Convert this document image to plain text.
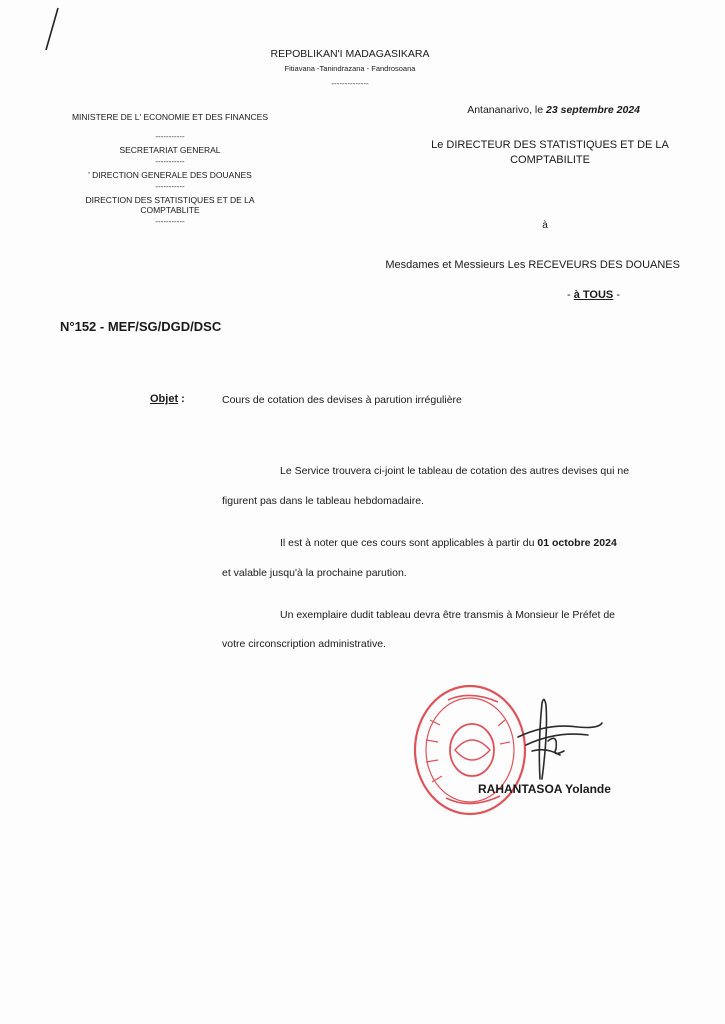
REPOBLIKAN'I MADAGASIKARA
Fitiavana -Tanindrazana - Fandrosoana
--------------
MINISTERE DE L' ECONOMIE ET DES FINANCES
-----------
SECRETARIAT GENERAL
-----------
' DIRECTION GENERALE DES DOUANES
-----------
DIRECTION DES STATISTIQUES ET DE LA
COMPTABLITE
-----------
Antananarivo, le 23 septembre 2024
Le DIRECTEUR DES STATISTIQUES ET DE LA
COMPTABILITE
à
Mesdames et Messieurs Les RECEVEURS DES DOUANES
- à TOUS -
N°152 - MEF/SG/DGD/DSC
Objet :	Cours de cotation des devises à parution irrégulière
Le Service trouvera ci-joint le tableau de cotation des autres devises qui ne
figurent pas dans le tableau hebdomadaire.
Il est à noter que ces cours sont applicables à partir du 01 octobre 2024
et valable jusqu'à la prochaine parution.
Un exemplaire dudit tableau devra être transmis à Monsieur le Préfet de
votre circonscription administrative.
RAHANTASOA Yolande
